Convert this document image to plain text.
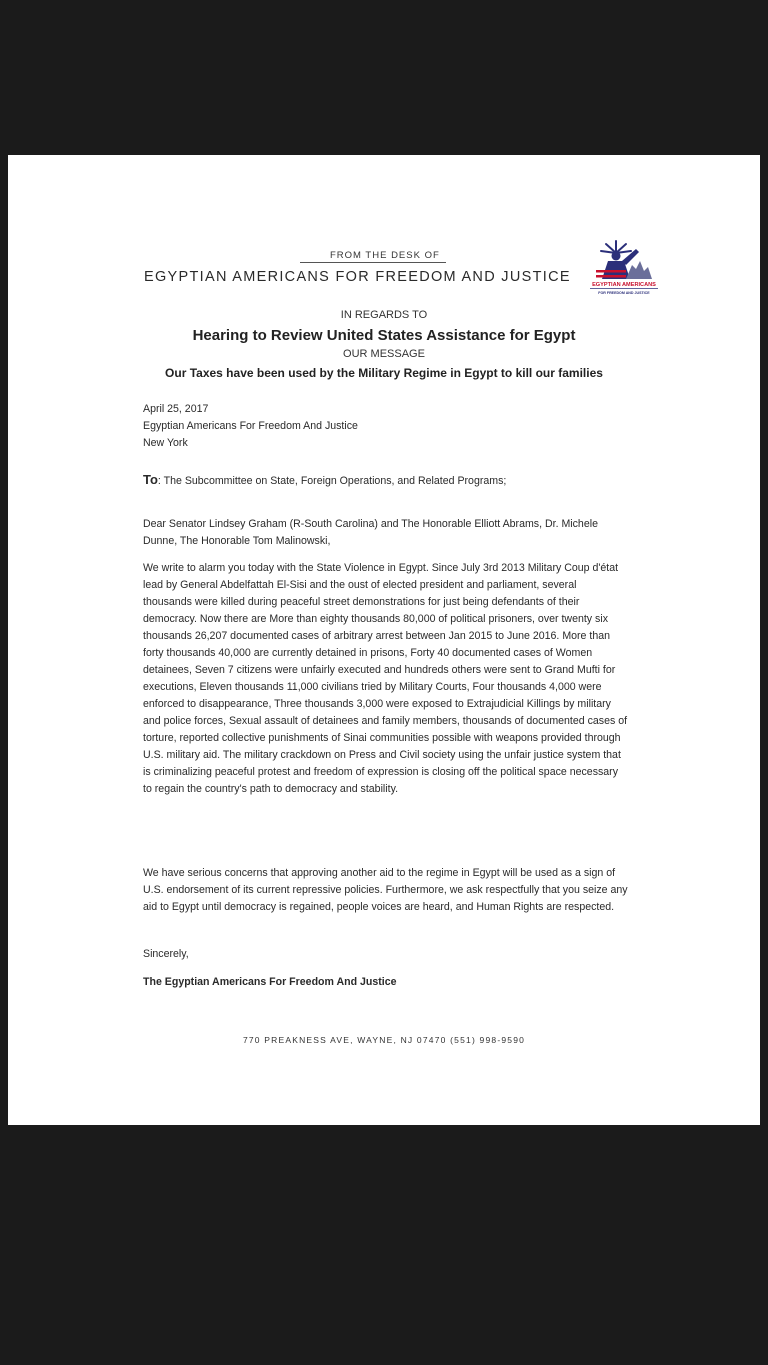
FROM THE DESK OF
EGYPTIAN AMERICANS FOR FREEDOM AND JUSTICE	EGYPTIAN AMERICANS
FOR FREEDOM AND JUSTICE
IN REGARDS TO
Hearing to Review United States Assistance for Egypt
OUR MESSAGE
Our Taxes have been used by the Military Regime in Egypt to kill our families
April 25, 2017
Egyptian Americans For Freedom And Justice
New York
To: The Subcommittee on State, Foreign Operations, and Related Programs;

Dear Senator Lindsey Graham (R-South Carolina) and The Honorable Elliott Abrams, Dr. Michele Dunne, The Honorable Tom Malinowski,

We write to alarm you today with the State Violence in Egypt. Since July 3rd 2013 Military Coup d'état lead by General Abdelfattah El-Sisi and the oust of elected president and parliament, several thousands were killed during peaceful street demonstrations for just being defendants of their democracy. Now there are More than eighty thousands 80,000 of political prisoners, over twenty six thousands 26,207 documented cases of arbitrary arrest between Jan 2015 to June 2016. More than forty thousands 40,000 are currently detained in prisons, Forty 40 documented cases of Women detainees, Seven 7 citizens were unfairly executed and hundreds others were sent to Grand Mufti for executions, Eleven thousands 11,000 civilians tried by Military Courts, Four thousands 4,000 were enforced to disappearance, Three thousands 3,000 were exposed to Extrajudicial Killings by military and police forces, Sexual assault of detainees and family members, thousands of documented cases of torture, reported collective punishments of Sinai communities possible with weapons provided through U.S. military aid. The military crackdown on Press and Civil society using the unfair justice system that is criminalizing peaceful protest and freedom of expression is closing off the political space necessary to regain the country's path to democracy and stability.

We have serious concerns that approving another aid to the regime in Egypt will be used as a sign of U.S. endorsement of its current repressive policies. Furthermore, we ask respectfully that you seize any aid to Egypt until democracy is regained, people voices are heard, and Human Rights are respected.

Sincerely,

The Egyptian Americans For Freedom And Justice

770 PREAKNESS AVE, WAYNE, NJ 07470 (551) 998-9590
